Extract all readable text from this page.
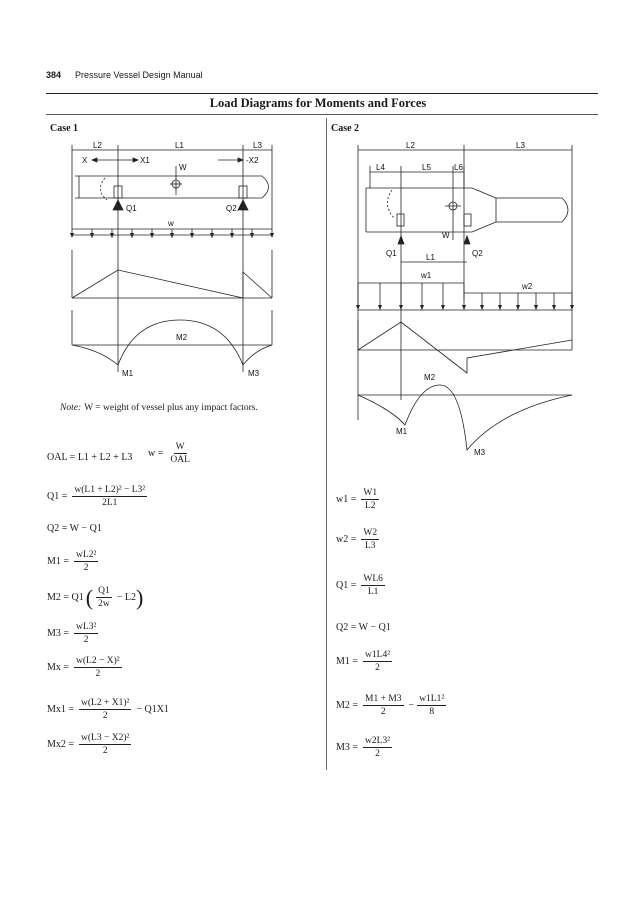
384 Pressure Vessel Design Manual
Load Diagrams for Moments and Forces
Case 1	Case 2
L2	L1	L3
X	X1	-X2
W
Q1	Q2
w
M2
M1	M3
L2	L3
L4	L5	L6
W
Q1	Q2
L1
w1
w2
M2
M1
M3
Note: W = weight of vessel plus any impact factors.
OAL = L1 + L2 + L3 w =
W
OAL
$Q1 = \frac{\text{w(L1 + L2)² − L3²}}{2L1}$
Q2 = W − Q1
$M1 = \frac{\text{wL2²}}{2}$
M2 = Q1 ( $\frac{Q1}{2w} - L2$ )
$M3 = \frac{\text{wL3²}}{2}$
$Mx = \frac{\text{w(L2 − X)²}}{2}$
$Mx1 = \frac{\text{w(L2 + X1)²}}{2} - Q1X1$
$Mx2 = \frac{\text{w(L3 − X2)²}}{2}$
$w1 = \frac{W1}{L2}$
$w2 = \frac{W2}{L3}$
$Q1 = \frac{WL6}{L1}$
Q2 = W − Q1
$M1 = \frac{\text{w1L4²}}{2}$
$M2 = \frac{M1 + M3}{2} - \frac{\text{w1L1²}}{8}$
$M3 = \frac{\text{w2L3²}}{2}$
